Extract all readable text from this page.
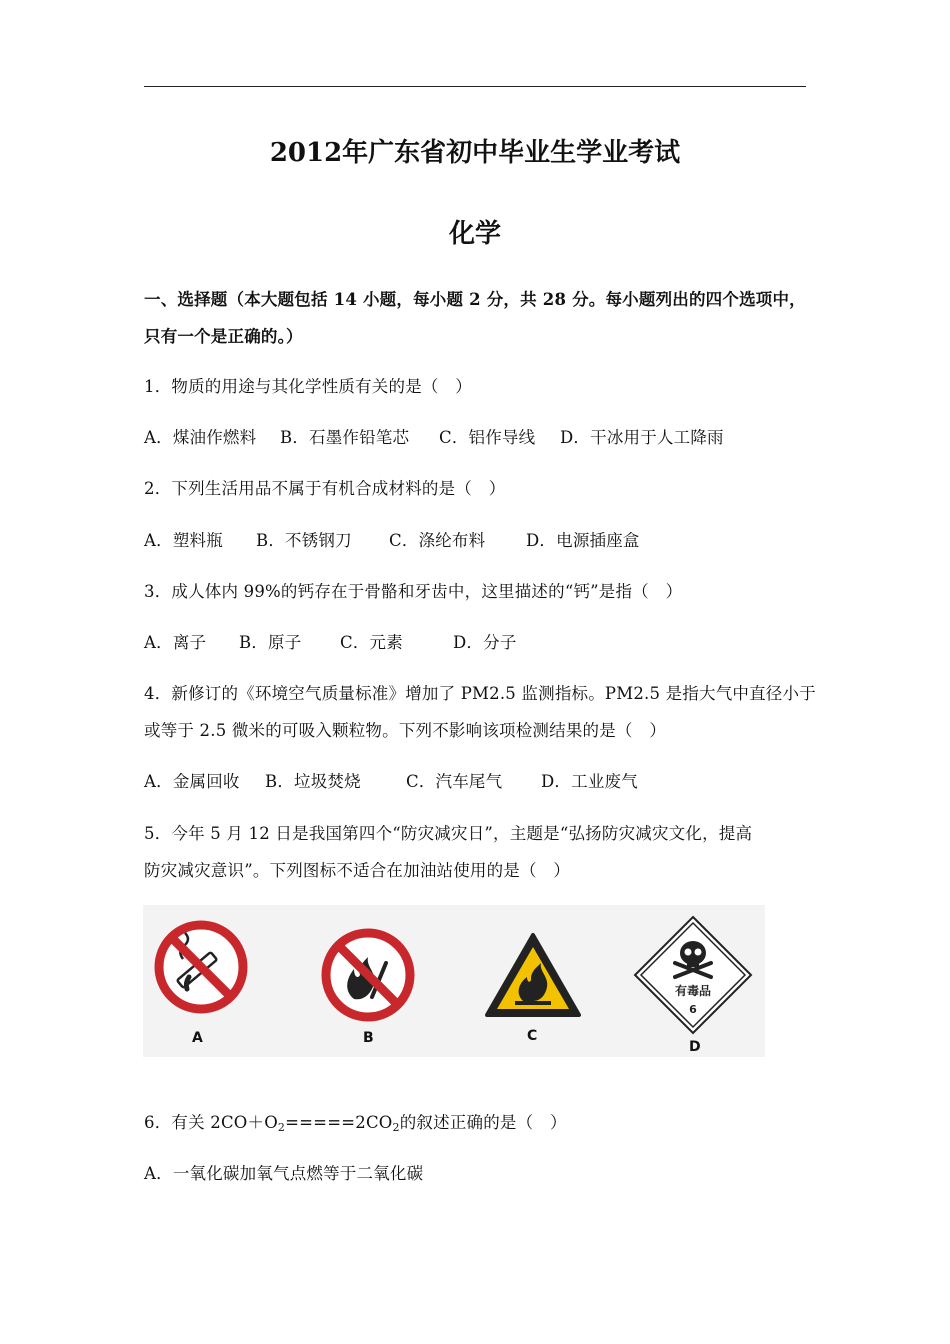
2012年广东省初中毕业生学业考试
化学
一、选择题（本大题包括 14 小题，每小题 2 分，共 28 分。每小题列出的四个选项中，
只有一个是正确的。）
1．物质的用途与其化学性质有关的是（　）
A．煤油作燃料 B．石墨作铅笔芯 C．铝作导线 D．干冰用于人工降雨
2．下列生活用品不属于有机合成材料的是（　）
A．塑料瓶 B．不锈钢刀 C．涤纶布料 D．电源插座盒
3．成人体内 99%的钙存在于骨骼和牙齿中，这里描述的“钙”是指（　）
A．离子 B．原子 C．元素	D．分子
4．新修订的《环境空气质量标准》增加了 PM2.5 监测指标。PM2.5 是指大气中直径小于
或等于 2.5 微米的可吸入颗粒物。下列不影响该项检测结果的是（　）
A．金属回收 B．垃圾焚烧	C．汽车尾气 D．工业废气
5．今年 5 月 12 日是我国第四个“防灾减灾日”，主题是“弘扬防灾减灾文化，提高
防灾减灾意识”。下列图标不适合在加油站使用的是（　）
A	B	C
有毒品
6
D
6．有关 $2CO+O_2=====2CO_2$的叙述正确的是（　）
A．一氧化碳加氧气点燃等于二氧化碳
